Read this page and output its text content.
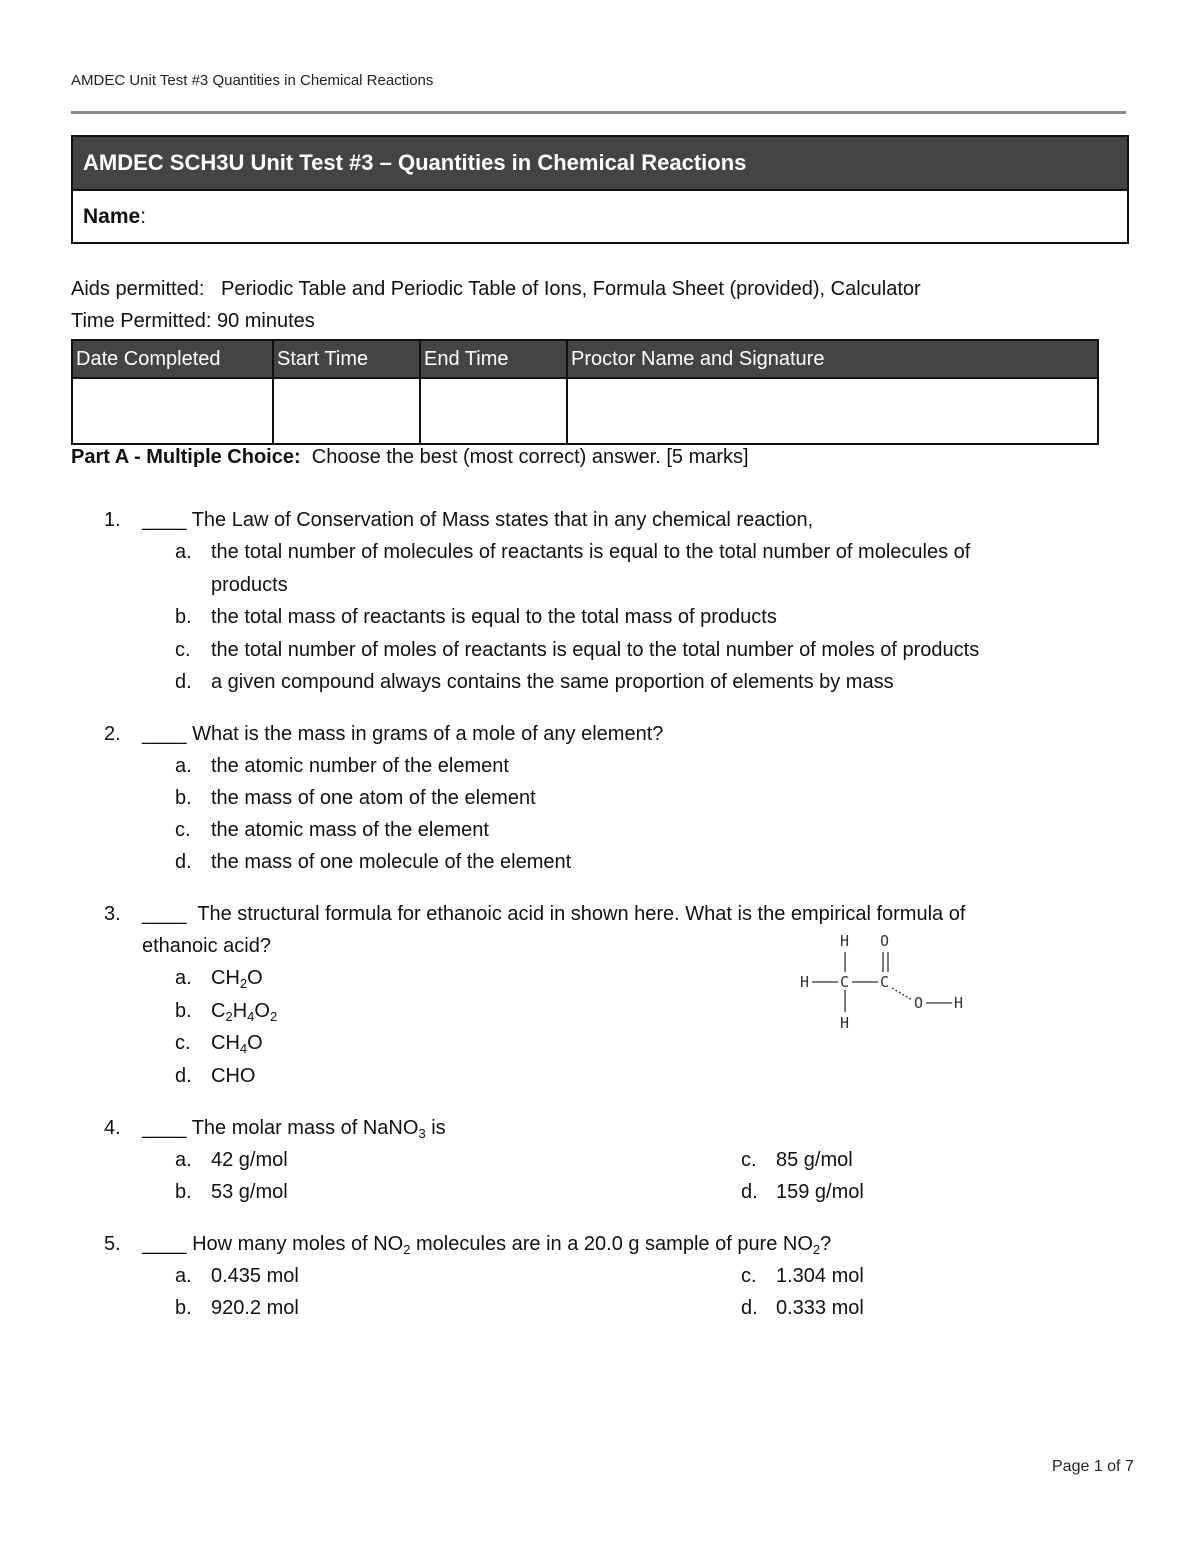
AMDEC Unit Test #3 Quantities in Chemical Reactions
AMDEC SCH3U Unit Test #3 – Quantities in Chemical Reactions
Name:
Aids permitted:   Periodic Table and Periodic Table of Ions, Formula Sheet (provided), Calculator
Time Permitted: 90 minutes
Date Completed	Start Time	End Time	Proctor Name and Signature

Part A - Multiple Choice:  Choose the best (most correct) answer. [5 marks]
1. ____ The Law of Conservation of Mass states that in any chemical reaction,
a. the total number of molecules of reactants is equal to the total number of molecules of
products
b. the total mass of reactants is equal to the total mass of products
c. the total number of moles of reactants is equal to the total number of moles of products
d. a given compound always contains the same proportion of elements by mass
2. ____ What is the mass in grams of a mole of any element?
a. the atomic number of the element
b. the mass of one atom of the element
c. the atomic mass of the element
d. the mass of one molecule of the element
3. ____  The structural formula for ethanoic acid in shown here. What is the empirical formula of
ethanoic acid?
a. $CH_2O$
b. $C_2H_4O_2$
c. $CH_4O$
d. CHO
H O
H C C
O H
H
4. ____ The molar mass of NaNO$_3$ is
a. 42 g/mol
b. 53 g/mol
c. 85 g/mol
d. 159 g/mol
5. ____ How many moles of $NO_2$ molecules are in a 20.0 g sample of pure $NO_2$?
a. 0.435 mol
b. 920.2 mol
c. 1.304 mol
d. 0.333 mol
Page 1 of 7
